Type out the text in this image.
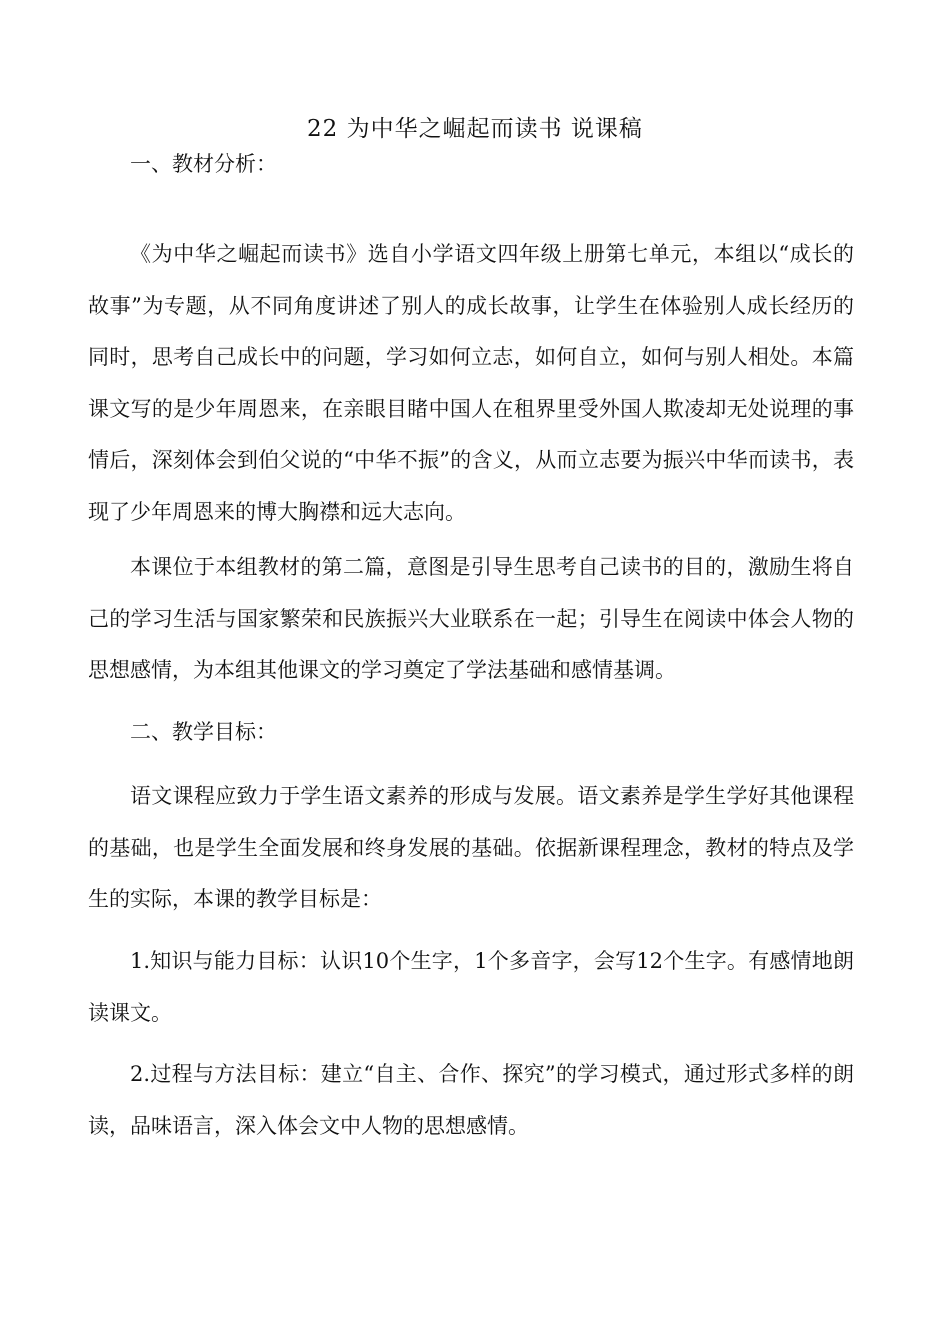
22 为中华之崛起而读书 说课稿
一、教材分析：

《为中华之崛起而读书》选自小学语文四年级上册第七单元，本组以“成长的故事”为专题，从不同角度讲述了别人的成长故事，让学生在体验别人成长经历的同时，思考自己成长中的问题，学习如何立志，如何自立，如何与别人相处。本篇课文写的是少年周恩来，在亲眼目睹中国人在租界里受外国人欺凌却无处说理的事情后，深刻体会到伯父说的“中华不振”的含义，从而立志要为振兴中华而读书，表现了少年周恩来的博大胸襟和远大志向。

本课位于本组教材的第二篇，意图是引导生思考自己读书的目的，激励生将自己的学习生活与国家繁荣和民族振兴大业联系在一起；引导生在阅读中体会人物的思想感情，为本组其他课文的学习奠定了学法基础和感情基调。

二、教学目标：

语文课程应致力于学生语文素养的形成与发展。语文素养是学生学好其他课程的基础，也是学生全面发展和终身发展的基础。依据新课程理念，教材的特点及学生的实际，本课的教学目标是：

1.知识与能力目标：认识10个生字，1个多音字，会写12个生字。有感情地朗读课文。

2.过程与方法目标：建立“自主、合作、探究”的学习模式，通过形式多样的朗读，品味语言，深入体会文中人物的思想感情。
